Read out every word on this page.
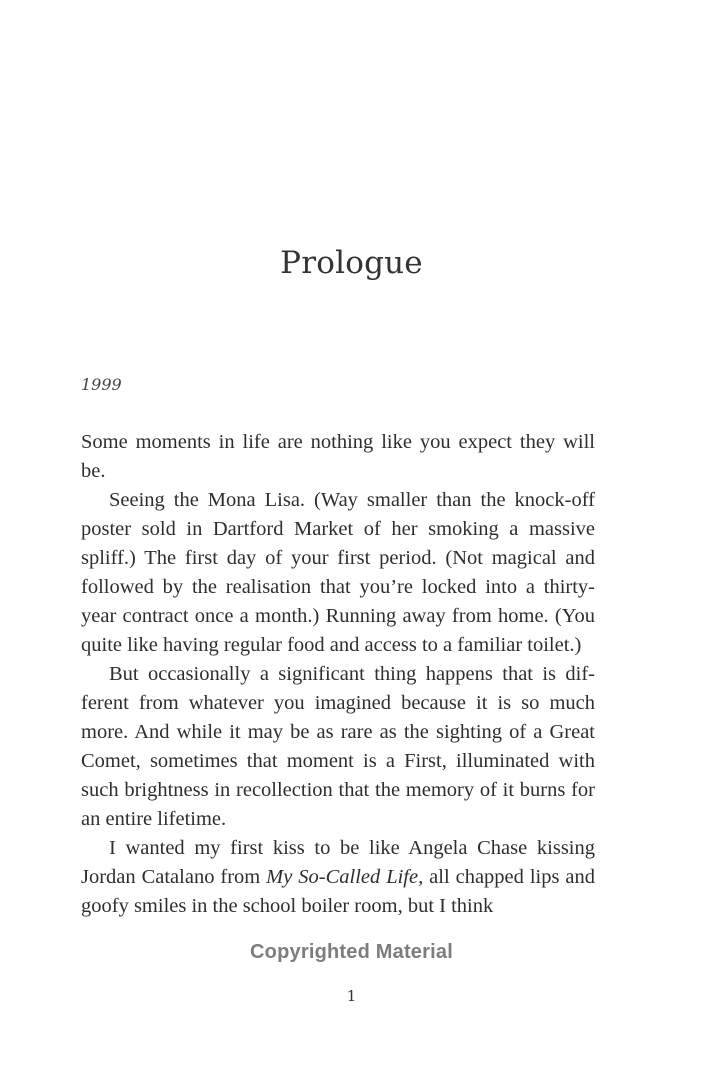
Prologue
1999

Some moments in life are nothing like you expect they will be.

Seeing the Mona Lisa. (Way smaller than the knock-off poster sold in Dartford Market of her smoking a massive spliff.) The first day of your first period. (Not magical and followed by the realisation that you’re locked into a thirty-year contract once a month.) Running away from home. (You quite like having regular food and access to a familiar toilet.)

But occasionally a significant thing happens that is different from whatever you imagined because it is so much more. And while it may be as rare as the sighting of a Great Comet, sometimes that moment is a First, illuminated with such brightness in recollection that the memory of it burns for an entire lifetime.

I wanted my first kiss to be like Angela Chase kissing Jordan Catalano from My So-Called Life, all chapped lips and goofy smiles in the school boiler room, but I think

Copyrighted Material
1
